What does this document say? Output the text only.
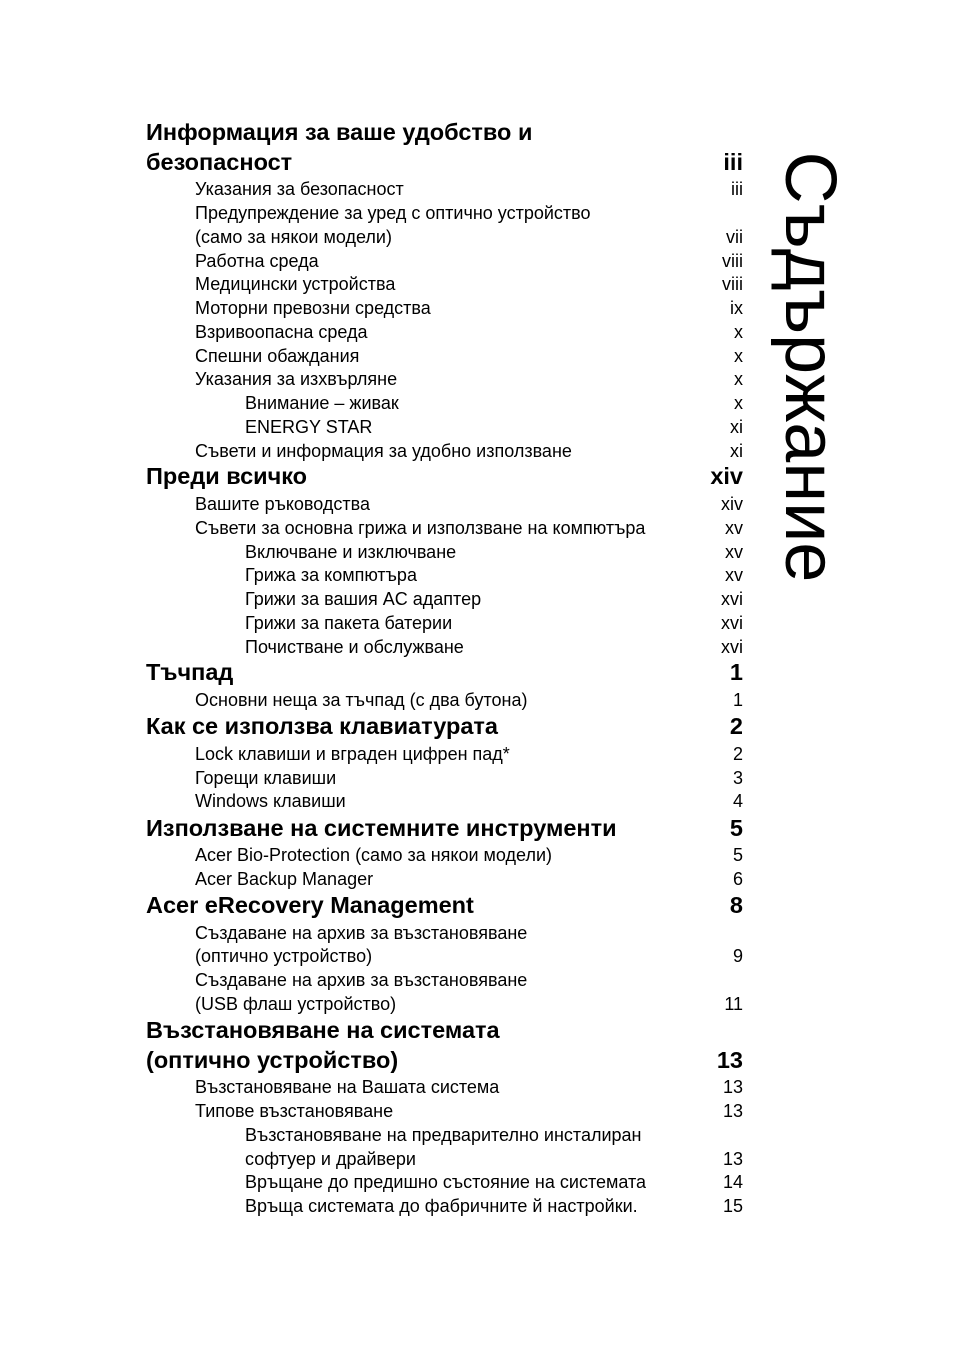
Информация за ваше удобство и
безопасност	iii
Указания за безопасност	iii
Предупреждение за уред с оптично устройство
(само за някои модели)	vii
Работна среда	viii
Медицински устройства	viii
Моторни превозни средства	ix
Взривоопасна среда	x
Спешни обаждания	x
Указания за изхвърляне	x
Внимание – живак	x
ENERGY STAR	xi
Съвети и информация за удобно използване	xi
Преди всичко	xiv
Вашите ръководства	xiv
Съвети за основна грижа и използване на компютъра	xv
Включване и изключване	xv
Грижа за компютъра	xv
Грижи за вашия AC адаптер	xvi
Грижи за пакета батерии	xvi
Почистване и обслужване	xvi
Тъчпад	1
Основни неща за тъчпад (с два бутона)	1
Как се използва клавиатурата	2
Lock клавиши и вграден цифрен пад*	2
Горещи клавиши	3
Windows клавиши	4
Използване на системните инструменти	5
Acer Bio-Protection (само за някои модели)	5
Acer Backup Manager	6
Acer eRecovery Management	8
Създаване на архив за възстановяване
(оптично устройство)	9
Създаване на архив за възстановяване
(USB флаш устройство)	11
Възстановяване на системата
(оптично устройство)	13
Възстановяване на Вашата система	13
Типове възстановяване	13
Възстановяване на предварително инсталиран
софтуер и драйвери	13
Връщане до предишно състояние на системата	14
Връща системата до фабричните й настройки.	15
Съдържание
